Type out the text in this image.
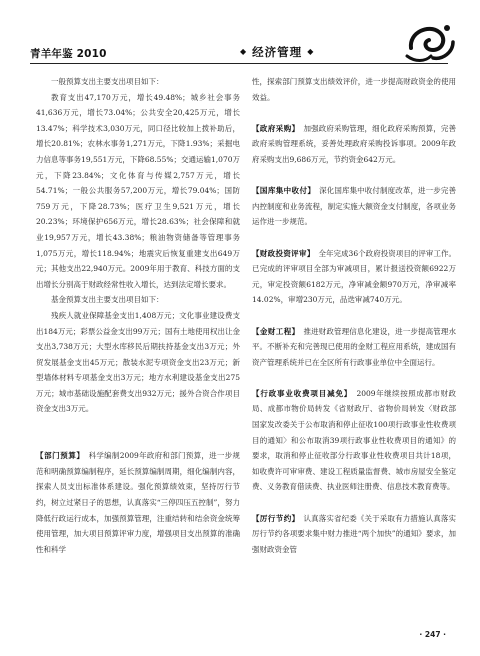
青羊年鉴 2010	◆ 经济管理 ◆

一般预算支出主要支出项目如下：

教育支出47,170万元，增长49.48%；城乡社会事务41,636万元，增长73.04%；公共安全20,425万元，增长13.47%；科学技术3,030万元，同口径比较加上拨补助后，增长20.81%；农林水事务1,271万元，下降1.93%；采掘电力信息等事务19,551万元，下降68.55%；交通运输1,070万元，下降23.84%；文化体育与传媒2,757万元，增长54.71%；一般公共服务57,200万元，增长79.04%；国防759万元，下降28.73%；医疗卫生9,521万元，增长20.23%；环境保护656万元，增长28.63%；社会保障和就业19,957万元，增长43.38%；粮油物资储备等管理事务1,075万元，增长118.94%；地震灾后恢复重建支出649万元；其他支出22,940万元。2009年用于教育、科技方面的支出增长分别高于财政经常性收入增长，达到法定增长要求。

基金预算支出主要支出项目如下：

残疾人就业保障基金支出1,408万元；文化事业建设费支出184万元；彩票公益金支出99万元；国有土地使用权出让金支出3,738万元；大型水库移民后期扶持基金支出3万元；外贸发展基金支出45万元；散装水泥专项资金支出23万元；新型墙体材料专项基金支出3万元；地方水利建设基金支出275万元；城市基础设施配套费支出932万元；援外合资合作项目资金支出3万元。

【部门预算】　 科学编制2009年政府和部门预算，进一步规范和明确预算编制程序，延长预算编制周期，细化编制内容，探索人员支出标准体系建设。强化预算绩效束，坚持厉行节约，树立过紧日子的思想，认真落实“三停四压五控制”，努力降低行政运行成本，加强预算管理，注重结转和结余资金统筹使用管理，加大项目预算评审力度，增强项目支出预算的准确性和科学

性，探索部门预算支出绩效评价，进一步提高财政资金的使用效益。

【政府采购】　 加强政府采购管理，细化政府采购预算，完善政府采购管理系统，妥善处理政府采购投诉事项。2009年政府采购支出9,686万元，节约资金642万元。

【国库集中收付】　 深化国库集中收付制度改革，进一步完善内控制度和业务流程，制定实施大额资金支付制度，各项业务运作进一步规范。

【财政投资评审】　 全年完成36个政府投资项目的评审工作。已完成的评审项目全部为审减项目，累计报送投资额6922万元，审定投资额6182万元，净审减金额970万元，净审减率14.02%，审增230万元，品迭审减740万元。

【金财工程】　 推进财政管理信息化建设，进一步提高管理水平。不断补充和完善现已使用的金财工程应用系统，建成国有资产管理系统并已在全区所有行政事业单位中全面运行。

【行政事业收费项目减免】　 2009年继续按照成都市财政局、成都市物价局转发《省财政厅、省物价局转发〈财政部　国家发改委关于公布取消和停止征收100项行政事业性收费项目的通知〉和公布取消39项行政事业性收费项目的通知》的要求，取消和停止征收部分行政事业性收费项目共计18项，如收费许可审审费、建设工程质量监督费、城市房屋安全鉴定费、义务教育借读费、执业医师注册费、信息技术教育费等。

【厉行节约】　 认真落实省纪委《关于采取有力措施认真落实厉行节约各项要求集中财力推进“两个加快”的通知》要求，加强财政资金管

· 247 ·
